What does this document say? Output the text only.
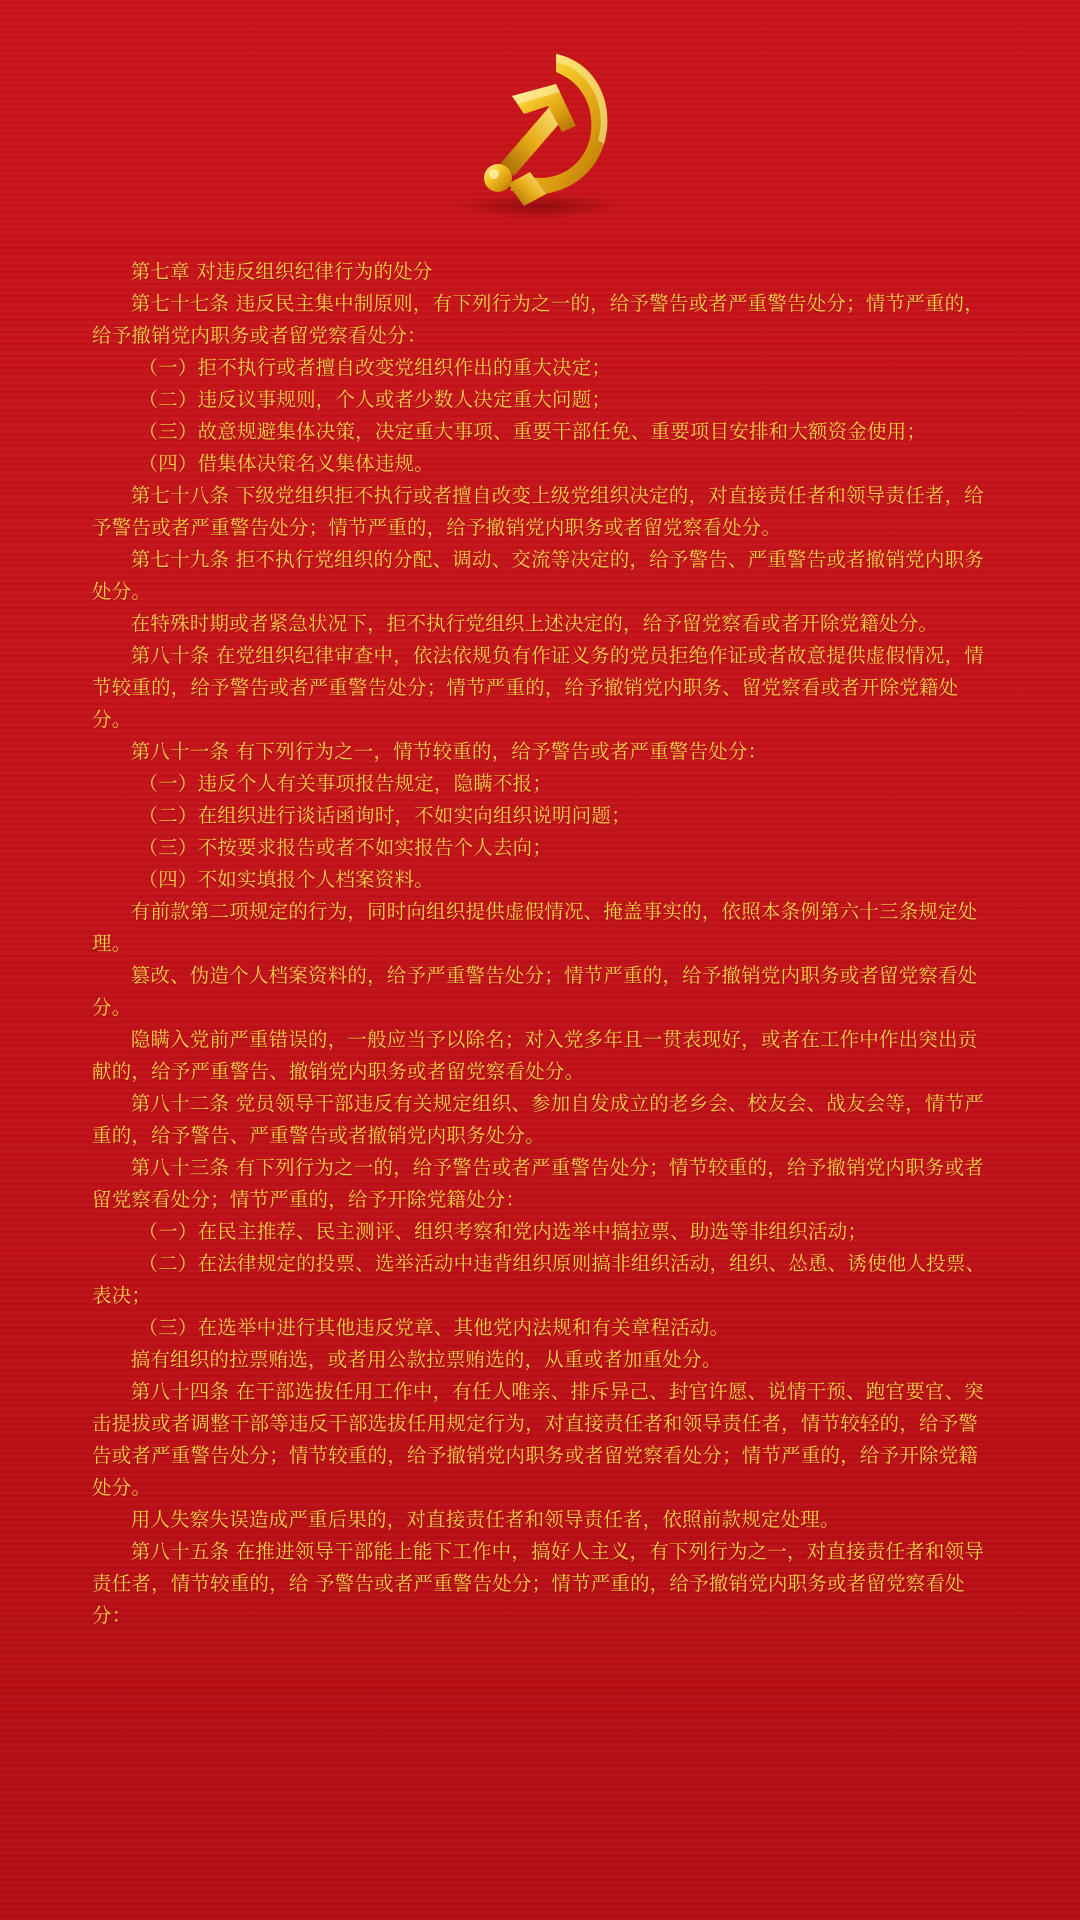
第七章 对违反组织纪律行为的处分

第七十七条 违反民主集中制原则，有下列行为之一的，给予警告或者严重警告处分；情节严重的，给予撤销党内职务或者留党察看处分：

（一）拒不执行或者擅自改变党组织作出的重大决定；

（二）违反议事规则，个人或者少数人决定重大问题；

（三）故意规避集体决策，决定重大事项、重要干部任免、重要项目安排和大额资金使用；

（四）借集体决策名义集体违规。

第七十八条 下级党组织拒不执行或者擅自改变上级党组织决定的，对直接责任者和领导责任者，给予警告或者严重警告处分；情节严重的，给予撤销党内职务或者留党察看处分。

第七十九条 拒不执行党组织的分配、调动、交流等决定的，给予警告、严重警告或者撤销党内职务处分。

在特殊时期或者紧急状况下，拒不执行党组织上述决定的，给予留党察看或者开除党籍处分。

第八十条 在党组织纪律审查中，依法依规负有作证义务的党员拒绝作证或者故意提供虚假情况，情节较重的，给予警告或者严重警告处分；情节严重的，给予撤销党内职务、留党察看或者开除党籍处分。

第八十一条 有下列行为之一，情节较重的，给予警告或者严重警告处分：

（一）违反个人有关事项报告规定，隐瞒不报；

（二）在组织进行谈话函询时，不如实向组织说明问题；

（三）不按要求报告或者不如实报告个人去向；

（四）不如实填报个人档案资料。

有前款第二项规定的行为，同时向组织提供虚假情况、掩盖事实的，依照本条例第六十三条规定处理。

篡改、伪造个人档案资料的，给予严重警告处分；情节严重的，给予撤销党内职务或者留党察看处分。

隐瞒入党前严重错误的，一般应当予以除名；对入党多年且一贯表现好，或者在工作中作出突出贡献的，给予严重警告、撤销党内职务或者留党察看处分。

第八十二条 党员领导干部违反有关规定组织、参加自发成立的老乡会、校友会、战友会等，情节严重的，给予警告、严重警告或者撤销党内职务处分。

第八十三条 有下列行为之一的，给予警告或者严重警告处分；情节较重的，给予撤销党内职务或者留党察看处分；情节严重的，给予开除党籍处分：

（一）在民主推荐、民主测评、组织考察和党内选举中搞拉票、助选等非组织活动；

（二）在法律规定的投票、选举活动中违背组织原则搞非组织活动，组织、怂恿、诱使他人投票、表决；

（三）在选举中进行其他违反党章、其他党内法规和有关章程活动。

搞有组织的拉票贿选，或者用公款拉票贿选的，从重或者加重处分。

第八十四条 在干部选拔任用工作中，有任人唯亲、排斥异己、封官许愿、说情干预、跑官要官、突击提拔或者调整干部等违反干部选拔任用规定行为，对直接责任者和领导责任者，情节较轻的，给予警告或者严重警告处分；情节较重的，给予撤销党内职务或者留党察看处分；情节严重的，给予开除党籍处分。

用人失察失误造成严重后果的，对直接责任者和领导责任者，依照前款规定处理。

第八十五条 在推进领导干部能上能下工作中，搞好人主义，有下列行为之一，对直接责任者和领导责任者，情节较重的，给 予警告或者严重警告处分；情节严重的，给予撤销党内职务或者留党察看处分：
